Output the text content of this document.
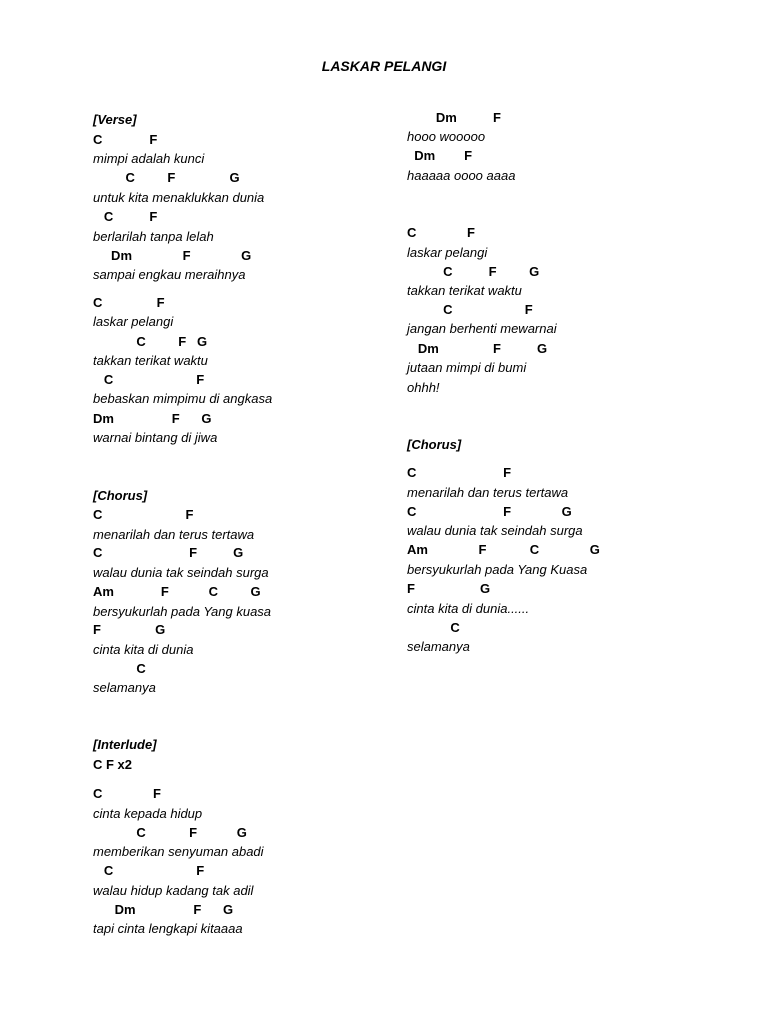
LASKAR PELANGI
[Verse]
C             F
mimpi adalah kunci
C         F               G
untuk kita menaklukkan dunia
C          F
berlarilah tanpa lelah
Dm              F              G
sampai engkau meraihnya
C               F
laskar pelangi
C         F   G
takkan terikat waktu
C                       F
bebaskan mimpimu di angkasa
Dm                F      G
warnai bintang di jiwa
[Chorus]
C                       F
menarilah dan terus tertawa
C                        F          G
walau dunia tak seindah surga
Am             F           C         G
bersyukurlah pada Yang kuasa
F               G
cinta kita di dunia
C
selamanya
[Interlude]
C F x2
C              F
cinta kepada hidup
C            F           G
memberikan senyuman abadi
C                       F
walau hidup kadang tak adil
Dm                F      G
tapi cinta lengkapi kitaaaa
Dm          F
hooo wooooo
Dm        F
haaaaa oooo aaaa
C              F
laskar pelangi
C          F         G
takkan terikat waktu
C                    F
jangan berhenti mewarnai
Dm               F          G
jutaan mimpi di bumi
ohhh!
[Chorus]
C                        F
menarilah dan terus tertawa
C                        F              G
walau dunia tak seindah surga
Am              F            C              G
bersyukurlah pada Yang Kuasa
F                  G
cinta kita di dunia......
C
selamanya
